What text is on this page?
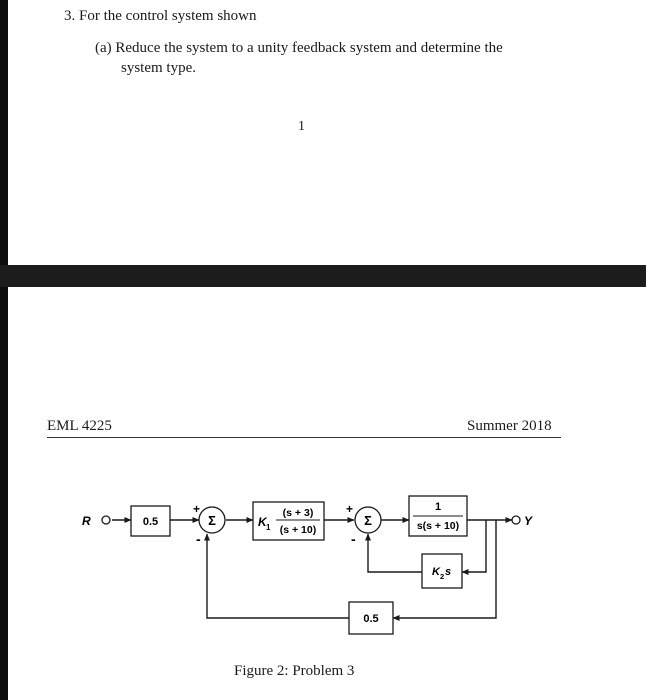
3. For the control system shown
(a) Reduce the system to a unity feedback system and determine the
system type.
1
EML 4225	Summer 2018
R	0.5	Σ
+
-
K 1
(s + 3)
(s + 10)
Σ
+
-
1
s(s + 10)	Y
K 2 s
0.5
Figure 2: Problem 3
